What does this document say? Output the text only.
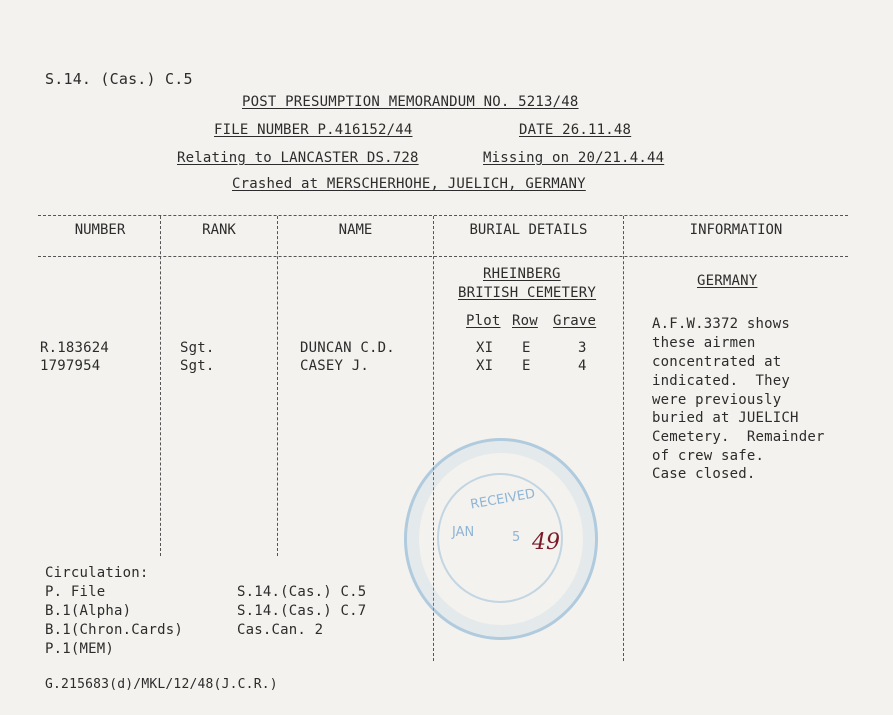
S.14. (Cas.) C.5
POST PRESUMPTION MEMORANDUM NO. 5213/48
FILE NUMBER P.416152/44	DATE 26.11.48
Relating to LANCASTER DS.728	Missing on 20/21.4.44
Crashed at MERSCHERHOHE, JUELICH, GERMANY
NUMBER	RANK	NAME	BURIAL DETAILS	INFORMATION
RHEINBERG
BRITISH CEMETERY
Plot Row Grave
R.183624	Sgt.	DUNCAN C.D.	XI E	3
1797954	Sgt.	CASEY J.	XI E	4
GERMANY
A.F.W.3372 shows
these airmen
concentrated at
indicated.  They
were previously
buried at JUELICH
Cemetery.  Remainder
of crew safe.
Case closed.
Circulation:
P. File
B.1(Alpha)
B.1(Chron.Cards)
P.1(MEM)
S.14.(Cas.) C.5
S.14.(Cas.) C.7
Cas.Can. 2
RECEIVED
JAN	5 49
G.215683(d)/MKL/12/48(J.C.R.)
